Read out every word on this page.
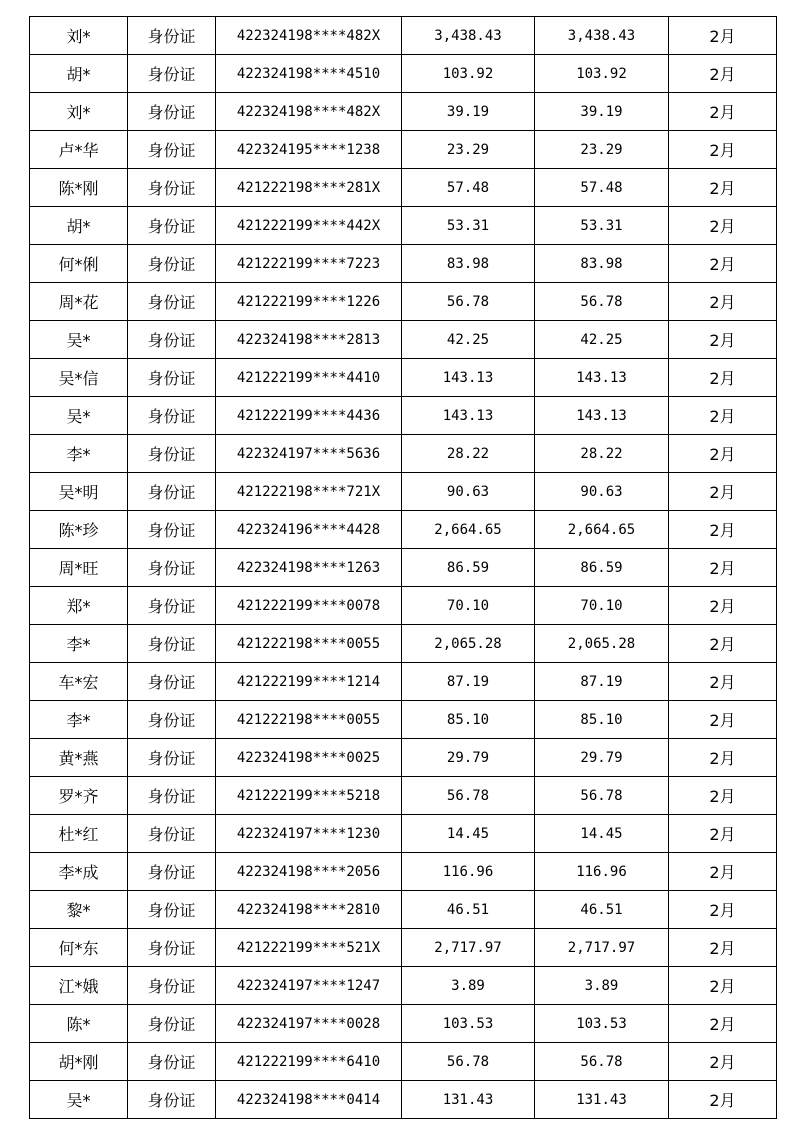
刘*	身份证	422324198****482X	3,438.43	3,438.43	2月
胡*	身份证	422324198****4510	103.92	103.92	2月
刘*	身份证	422324198****482X	39.19	39.19	2月
卢*华	身份证	422324195****1238	23.29	23.29	2月
陈*刚	身份证	421222198****281X	57.48	57.48	2月
胡*	身份证	421222199****442X	53.31	53.31	2月
何*俐	身份证	421222199****7223	83.98	83.98	2月
周*花	身份证	421222199****1226	56.78	56.78	2月
吴*	身份证	422324198****2813	42.25	42.25	2月
吴*信	身份证	421222199****4410	143.13	143.13	2月
吴*	身份证	421222199****4436	143.13	143.13	2月
李*	身份证	422324197****5636	28.22	28.22	2月
吴*明	身份证	421222198****721X	90.63	90.63	2月
陈*珍	身份证	422324196****4428	2,664.65	2,664.65	2月
周*旺	身份证	422324198****1263	86.59	86.59	2月
郑*	身份证	421222199****0078	70.10	70.10	2月
李*	身份证	421222198****0055	2,065.28	2,065.28	2月
车*宏	身份证	421222199****1214	87.19	87.19	2月
李*	身份证	421222198****0055	85.10	85.10	2月
黄*燕	身份证	422324198****0025	29.79	29.79	2月
罗*齐	身份证	421222199****5218	56.78	56.78	2月
杜*红	身份证	422324197****1230	14.45	14.45	2月
李*成	身份证	422324198****2056	116.96	116.96	2月
黎*	身份证	422324198****2810	46.51	46.51	2月
何*东	身份证	421222199****521X	2,717.97	2,717.97	2月
江*娥	身份证	422324197****1247	3.89	3.89	2月
陈*	身份证	422324197****0028	103.53	103.53	2月
胡*刚	身份证	421222199****6410	56.78	56.78	2月
吴*	身份证	422324198****0414	131.43	131.43	2月
